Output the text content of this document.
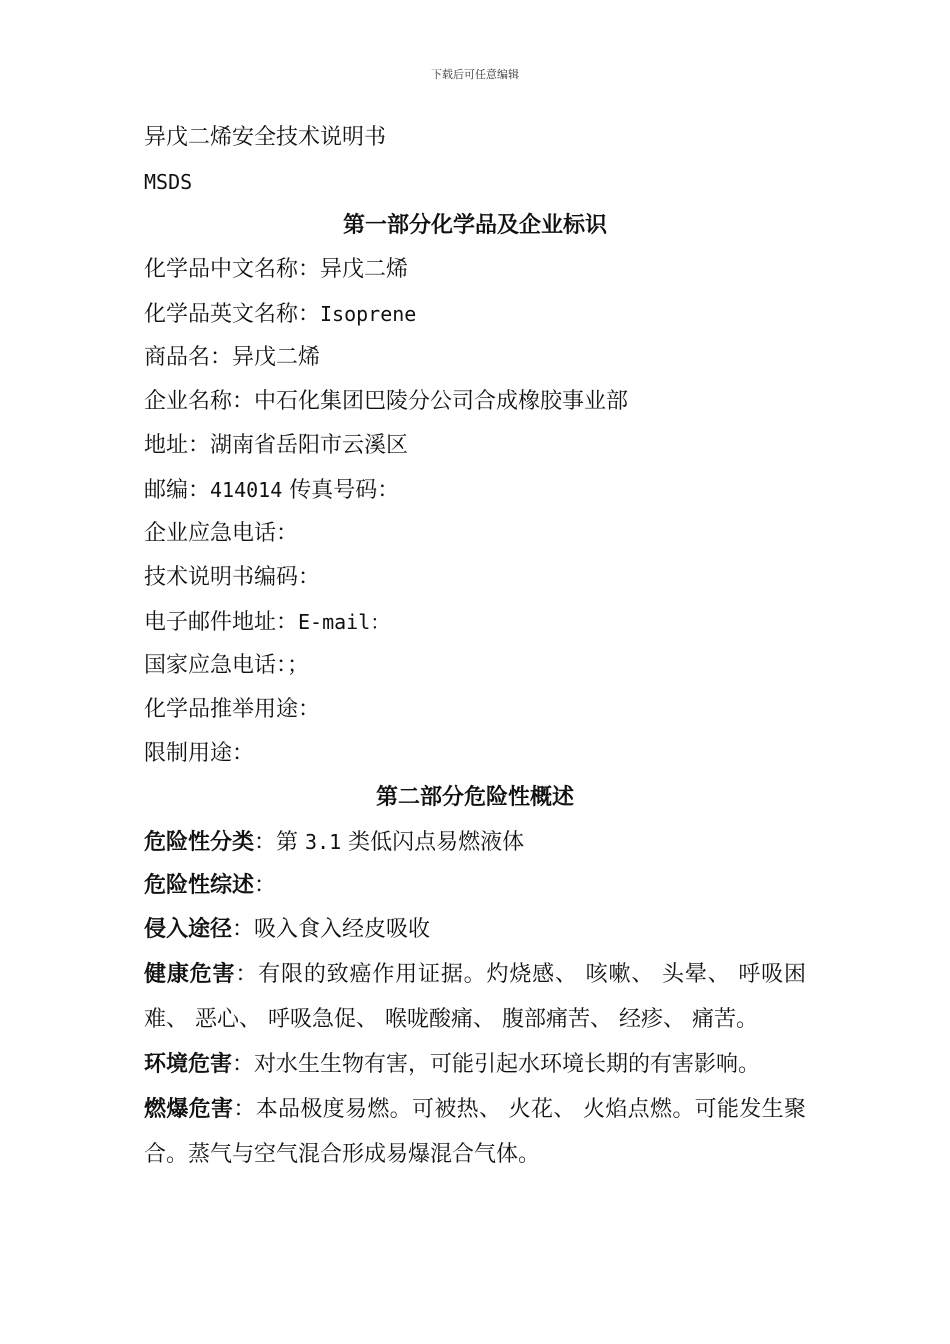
下载后可任意编辑
异戊二烯安全技术说明书
MSDS
第一部分化学品及企业标识
化学品中文名称：异戊二烯
化学品英文名称：Isoprene
商品名：异戊二烯
企业名称：中石化集团巴陵分公司合成橡胶事业部
地址：湖南省岳阳市云溪区
邮编：414014 传真号码：
企业应急电话：
技术说明书编码：
电子邮件地址：E-mail：
国家应急电话：；
化学品推举用途：
限制用途：
第二部分危险性概述
危险性分类：第 3.1 类低闪点易燃液体
危险性综述：
侵入途径：吸入食入经皮吸收
健康危害：有限的致癌作用证据。灼烧感、 咳嗽、 头晕、 呼吸困难、 恶心、 呼吸急促、 喉咙酸痛、 腹部痛苦、 经疹、 痛苦。
环境危害：对水生生物有害，可能引起水环境长期的有害影响。
燃爆危害：本品极度易燃。可被热、 火花、 火焰点燃。可能发生聚合。蒸气与空气混合形成易爆混合气体。
